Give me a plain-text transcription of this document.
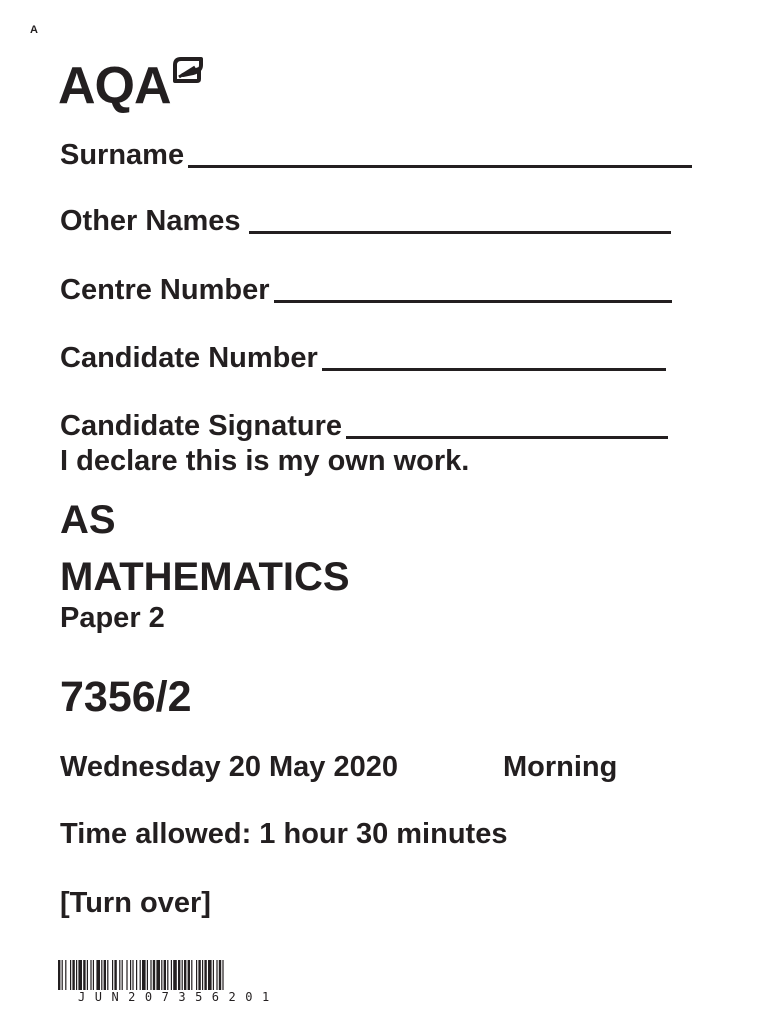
A
AQA
Surname
Other Names
Centre Number
Candidate Number
Candidate Signature
I declare this is my own work.
AS
MATHEMATICS
Paper 2
7356/2
Wednesday 20 May 2020	Morning
Time allowed: 1 hour 30 minutes
[Turn over]
JUN207356201
